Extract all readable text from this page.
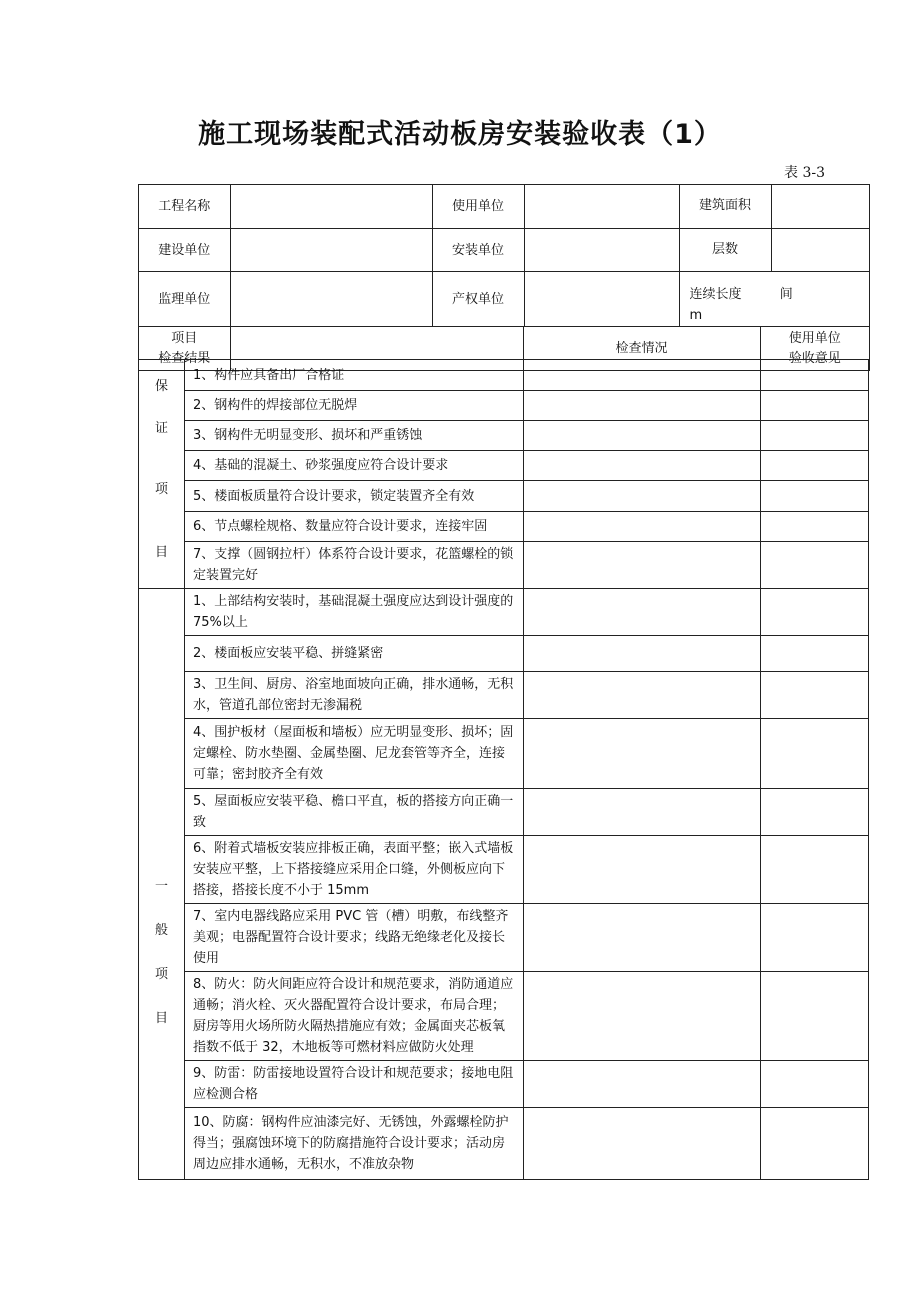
施工现场装配式活动板房安装验收表（1）
表 3-3
工程名称		使用单位		建筑面积	

建设单位		安装单位		层数	

监理单位		产权单位		连续长度	间  m

项目
检查结果
		检查情况	
使用单位
验收意见
保
证
项
目	1、构件应具备出厂合格证		
	2、钢构件的焊接部位无脱焊		
	3、钢构件无明显变形、损坏和严重锈蚀		
	4、基础的混凝土、砂浆强度应符合设计要求		
	5、楼面板质量符合设计要求，锁定装置齐全有效		
	6、节点螺栓规格、数量应符合设计要求，连接牢固		
	7、支撑（圆钢拉杆）体系符合设计要求，花篮螺栓的锁定装置完好		

一
般
项
目	1、上部结构安装时，基础混凝土强度应达到设计强度的 75%以上		
	2、楼面板应安装平稳、拼缝紧密		
	3、卫生间、厨房、浴室地面坡向正确，排水通畅，无积水，管道孔部位密封无渗漏税		
	4、围护板材（屋面板和墙板）应无明显变形、损坏；固定螺栓、防水垫圈、金属垫圈、尼龙套管等齐全，连接可靠；密封胶齐全有效		
	5、屋面板应安装平稳、檐口平直，板的搭接方向正确一致		
	6、附着式墙板安装应排板正确，表面平整；嵌入式墙板安装应平整，上下搭接缝应采用企口缝，外侧板应向下搭接，搭接长度不小于 15mm		
	7、室内电器线路应采用 PVC 管（槽）明敷，布线整齐美观；电器配置符合设计要求；线路无绝缘老化及接长使用		
	8、防火：防火间距应符合设计和规范要求，消防通道应通畅；消火栓、灭火器配置符合设计要求，布局合理；厨房等用火场所防火隔热措施应有效；金属面夹芯板氧指数不低于 32，木地板等可燃材料应做防火处理		
	9、防雷：防雷接地设置符合设计和规范要求；接地电阻应检测合格		
	10、防腐：钢构件应油漆完好、无锈蚀，外露螺栓防护得当；强腐蚀环境下的防腐措施符合设计要求；活动房周边应排水通畅，无积水，不准放杂物		
